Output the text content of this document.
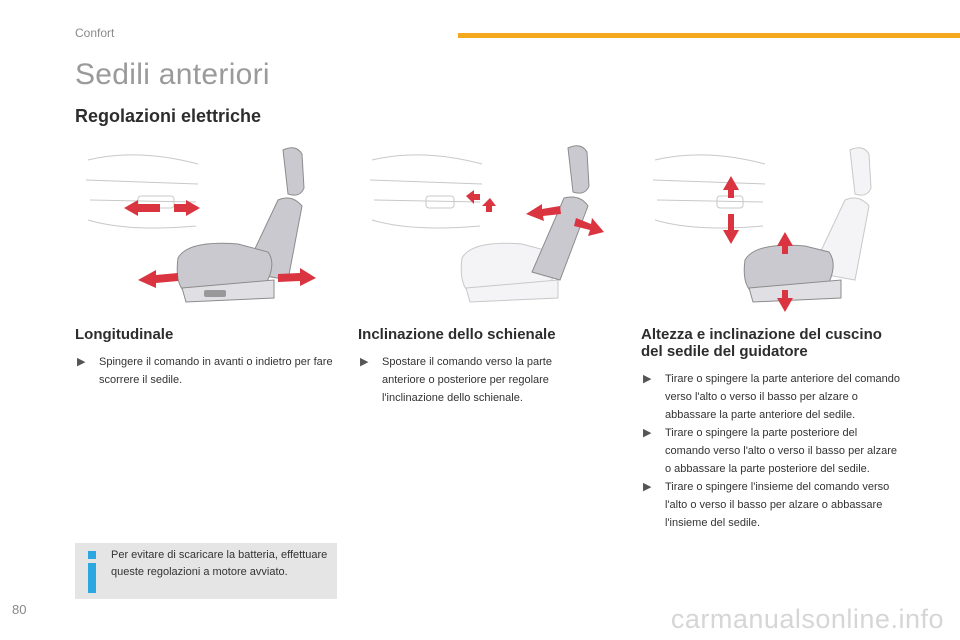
Confort
Sedili anteriori
Regolazioni elettriche
Longitudinale
▶ Spingere il comando in avanti o indietro per fare scorrere il sedile.
Inclinazione dello schienale
▶ Spostare il comando verso la parte anteriore o posteriore per regolare l'inclinazione dello schienale.
Altezza e inclinazione del cuscino del sedile del guidatore
▶ Tirare o spingere la parte anteriore del comando verso l'alto o verso il basso per alzare o abbassare la parte anteriore del sedile.
▶ Tirare o spingere la parte posteriore del comando verso l'alto o verso il basso per alzare o abbassare la parte posteriore del sedile.
▶ Tirare o spingere l'insieme del comando verso l'alto o verso il basso per alzare o abbassare l'insieme del sedile.
Per evitare di scaricare la batteria, effettuare queste regolazioni a motore avviato.
80	carmanualsonline.info
